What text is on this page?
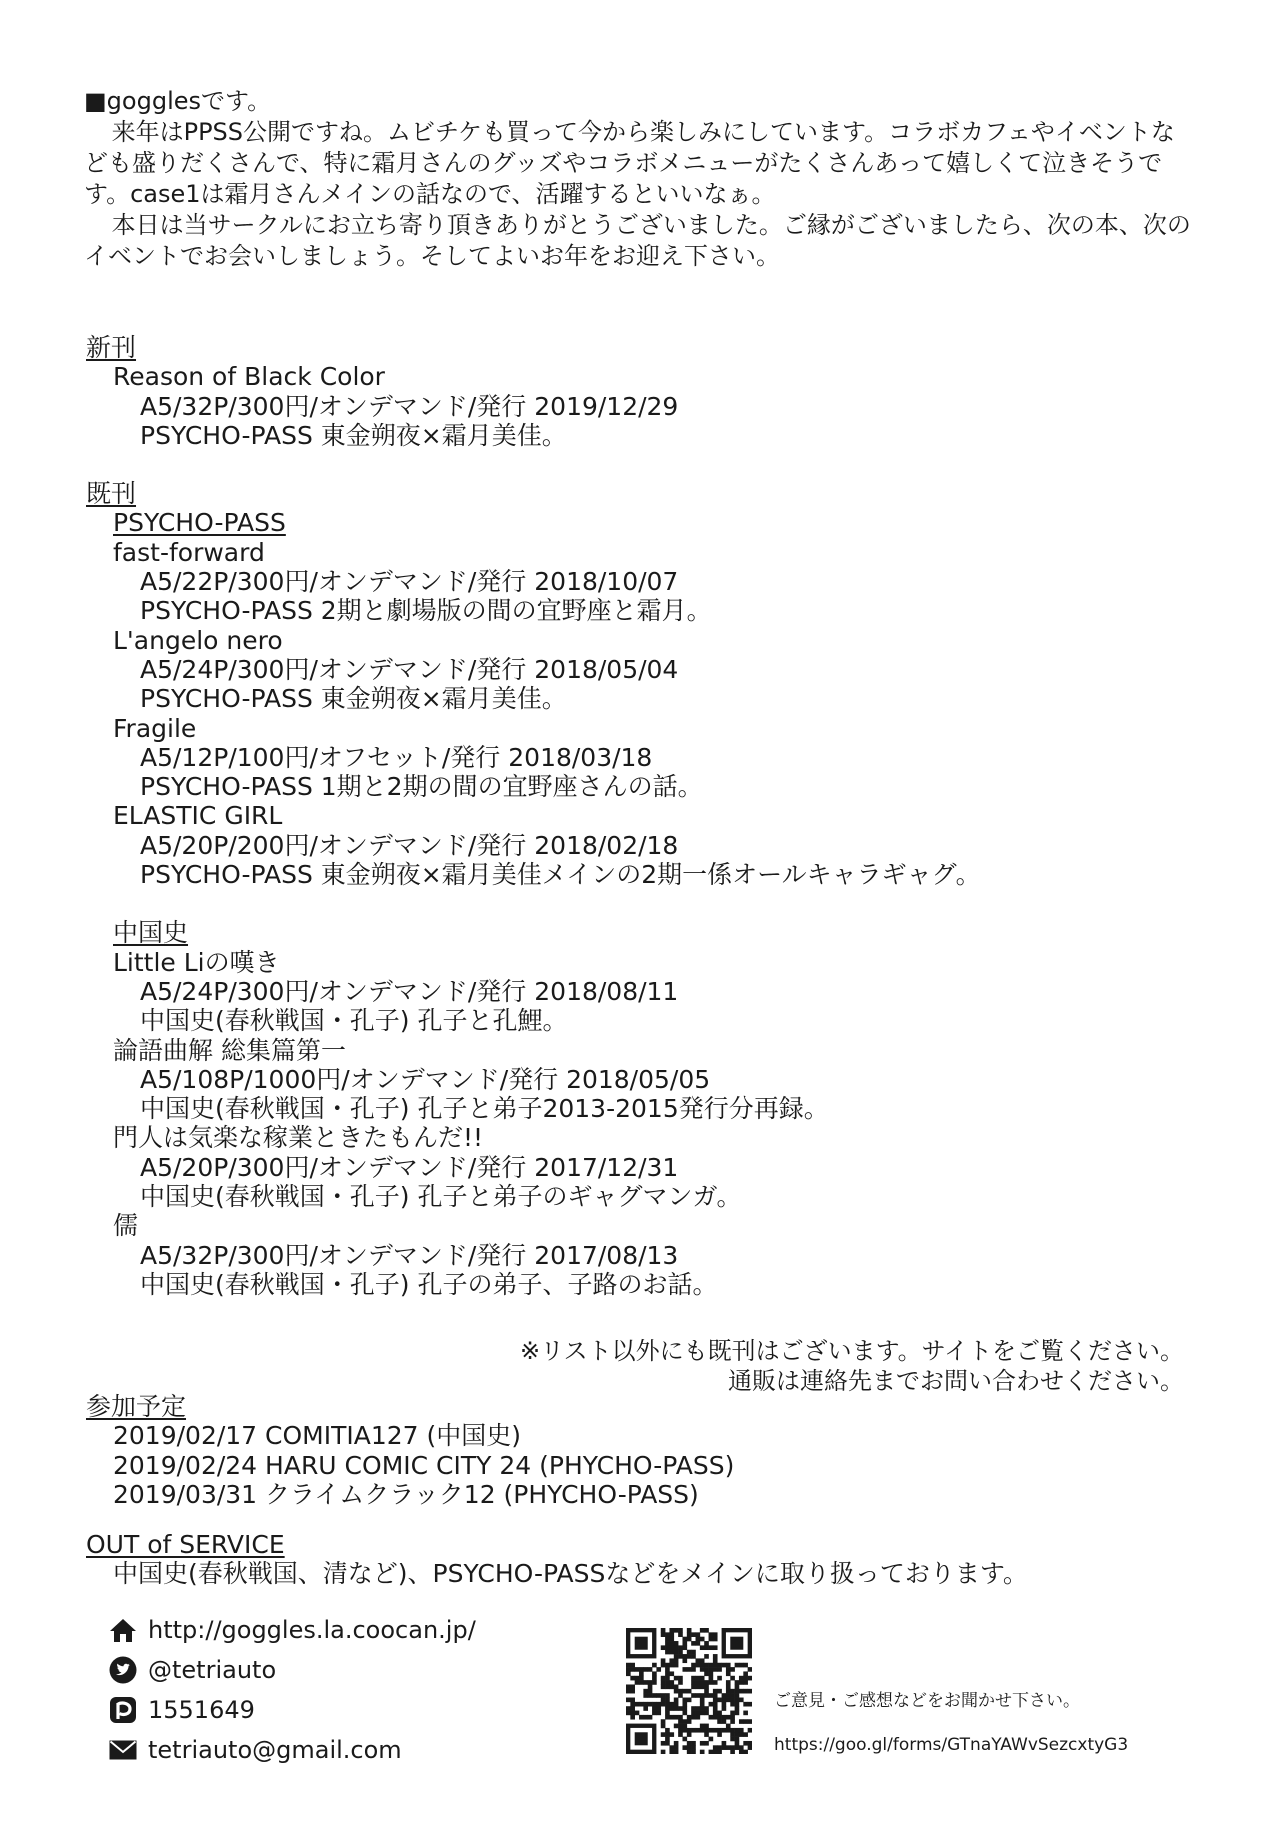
■gogglesです。

来年はPPSS公開ですね。ムビチケも買って今から楽しみにしています。コラボカフェやイベントなども盛りだくさんで、特に霜月さんのグッズやコラボメニューがたくさんあって嬉しくて泣きそうです。case1は霜月さんメインの話なので、活躍するといいなぁ。

本日は当サークルにお立ち寄り頂きありがとうございました。ご縁がございましたら、次の本、次のイベントでお会いしましょう。そしてよいお年をお迎え下さい。

新刊
Reason of Black Color
A5/32P/300円/オンデマンド/発行 2019/12/29
PSYCHO-PASS 東金朔夜×霜月美佳。
既刊
PSYCHO-PASS
fast-forward
A5/22P/300円/オンデマンド/発行 2018/10/07
PSYCHO-PASS 2期と劇場版の間の宜野座と霜月。
L'angelo nero
A5/24P/300円/オンデマンド/発行 2018/05/04
PSYCHO-PASS 東金朔夜×霜月美佳。
Fragile
A5/12P/100円/オフセット/発行 2018/03/18
PSYCHO-PASS 1期と2期の間の宜野座さんの話。
ELASTIC GIRL
A5/20P/200円/オンデマンド/発行 2018/02/18
PSYCHO-PASS 東金朔夜×霜月美佳メインの2期一係オールキャラギャグ。
中国史
Little Liの嘆き
A5/24P/300円/オンデマンド/発行 2018/08/11
中国史(春秋戦国・孔子) 孔子と孔鯉。
論語曲解 総集篇第一
A5/108P/1000円/オンデマンド/発行 2018/05/05
中国史(春秋戦国・孔子) 孔子と弟子2013-2015発行分再録。
門人は気楽な稼業ときたもんだ!!
A5/20P/300円/オンデマンド/発行 2017/12/31
中国史(春秋戦国・孔子) 孔子と弟子のギャグマンガ。
儒
A5/32P/300円/オンデマンド/発行 2017/08/13
中国史(春秋戦国・孔子) 孔子の弟子、子路のお話。
※リスト以外にも既刊はございます。サイトをご覧ください。
通販は連絡先までお問い合わせください。
参加予定
2019/02/17 COMITIA127 (中国史)
2019/02/24 HARU COMIC CITY 24 (PHYCHO-PASS)
2019/03/31 クライムクラック12 (PHYCHO-PASS)
OUT of SERVICE
中国史(春秋戦国、清など)、PSYCHO-PASSなどをメインに取り扱っております。
http://goggles.la.coocan.jp/
@tetriauto
1551649
tetriauto@gmail.com
ご意見・ご感想などをお聞かせ下さい。
https://goo.gl/forms/GTnaYAWvSezcxtyG3
